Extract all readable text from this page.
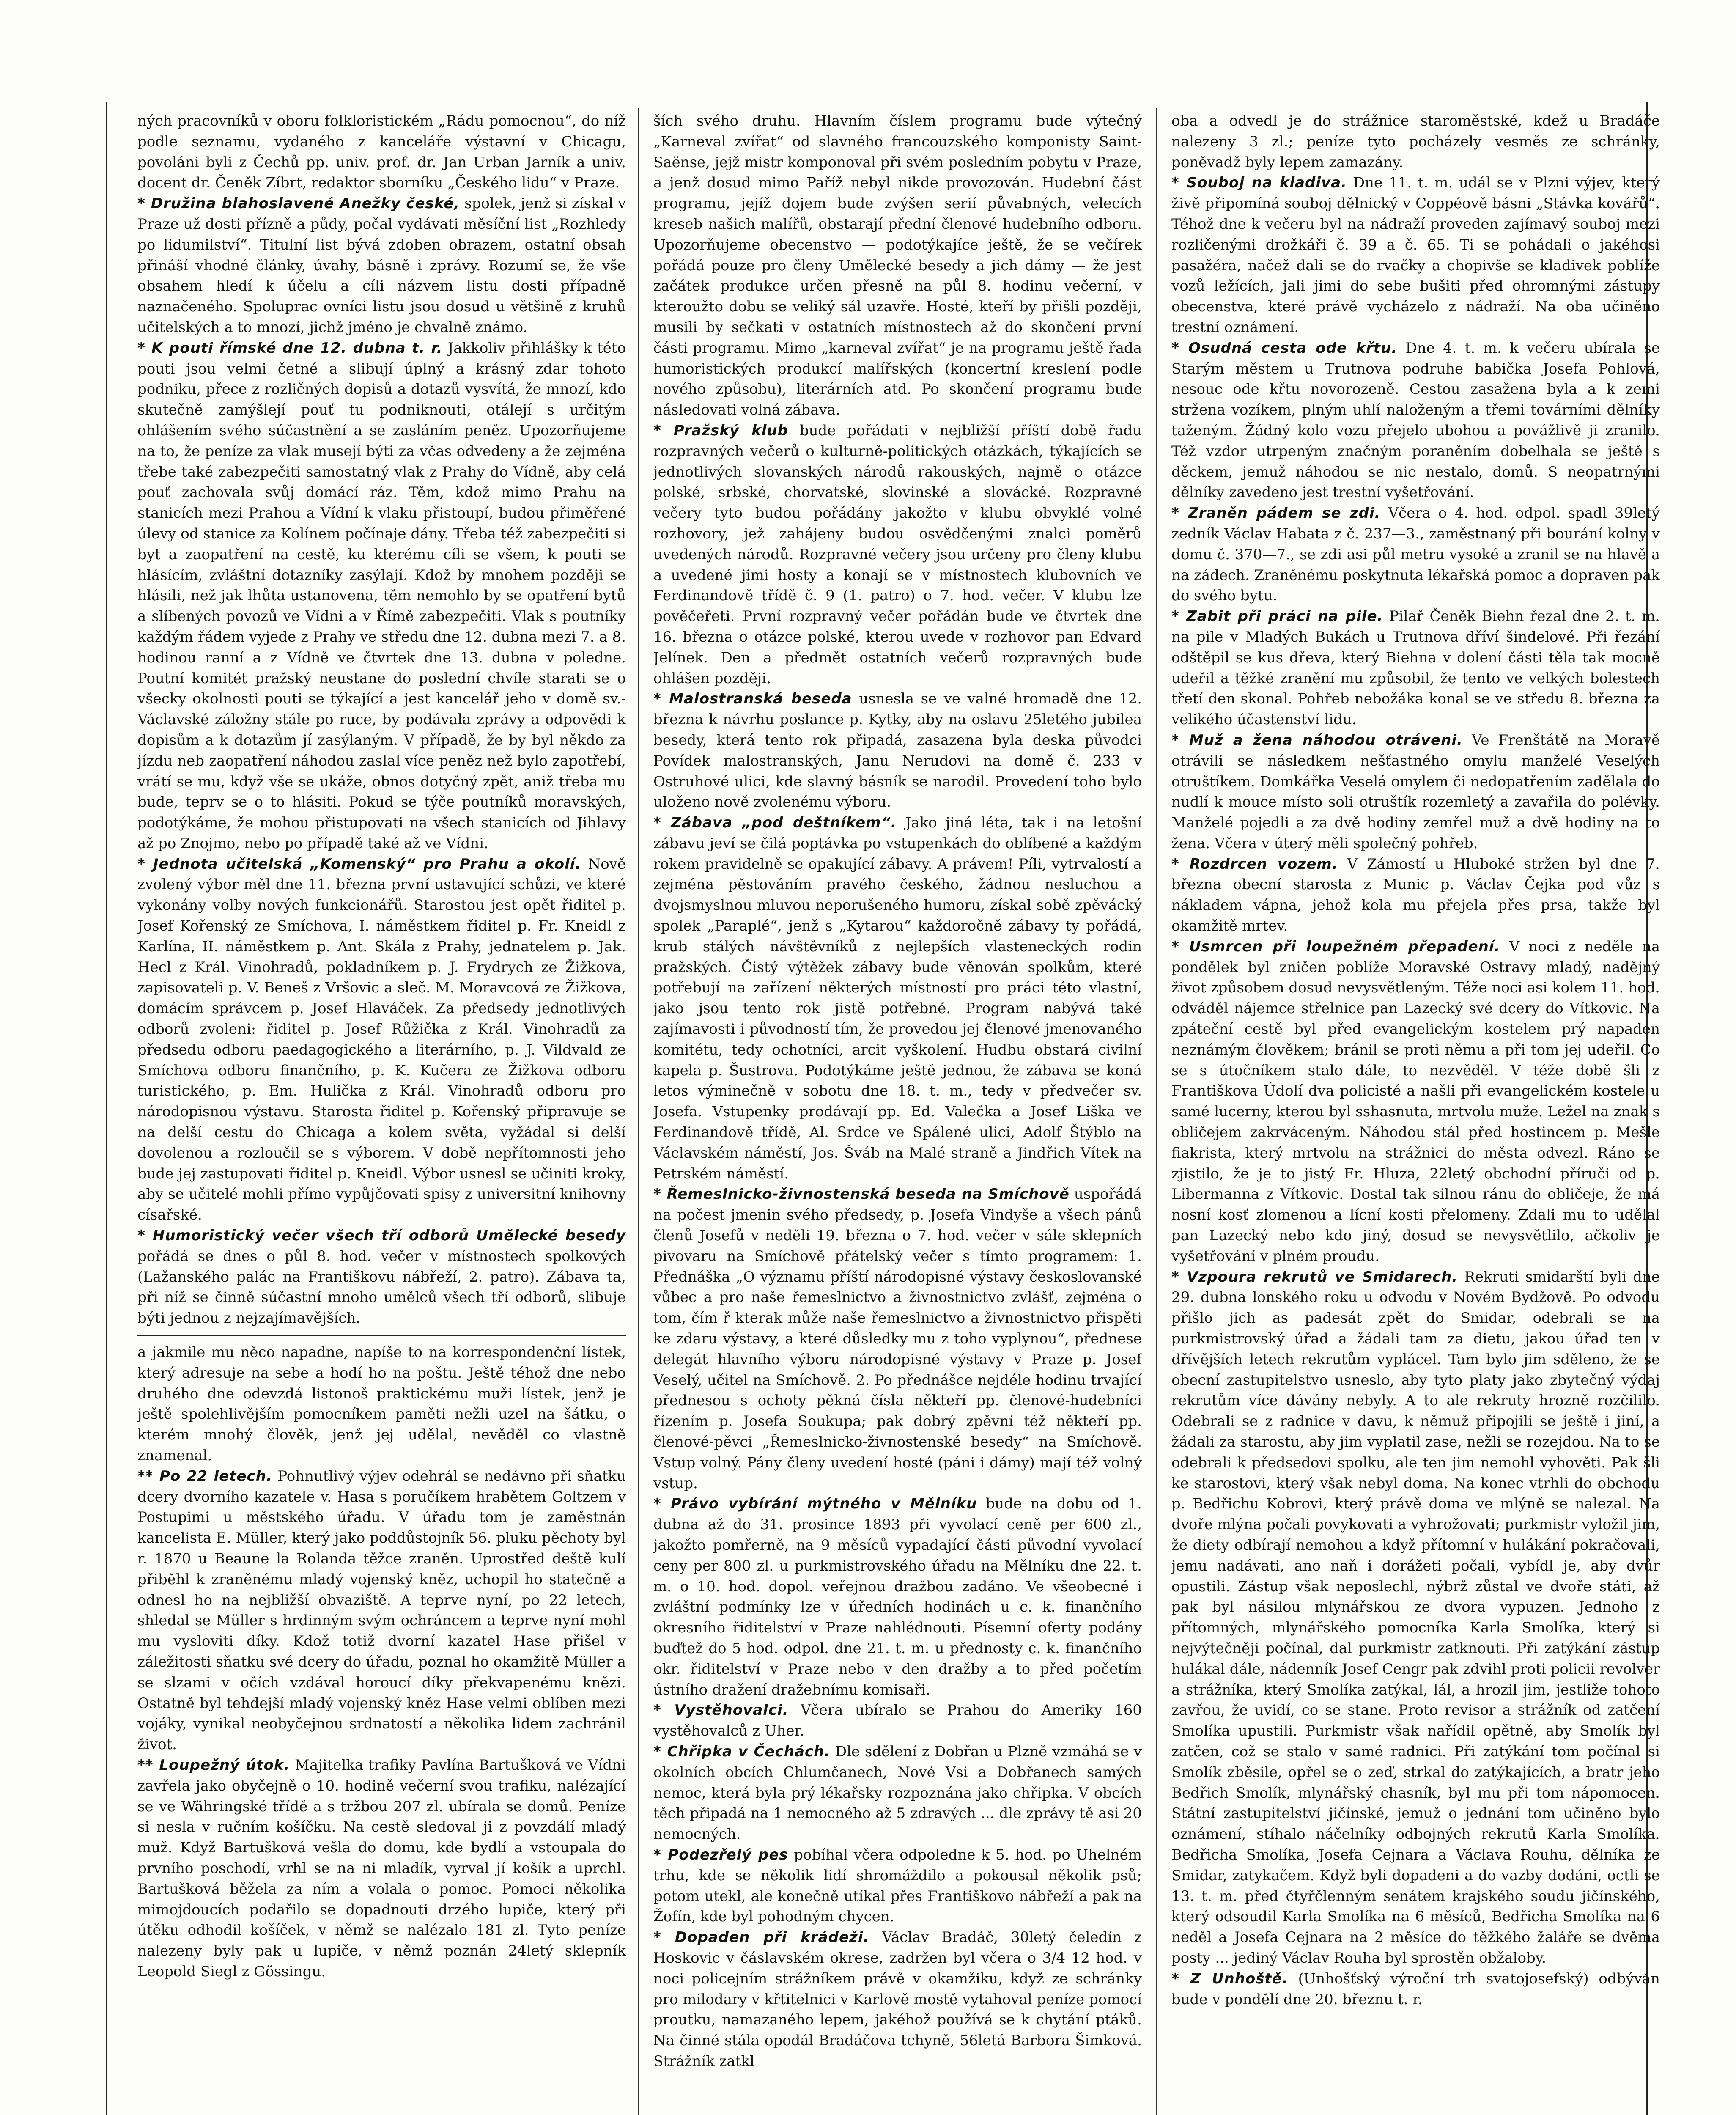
ných pracovníků v oboru folkloristickém „Rádu pomocnou“, do níž podle seznamu, vydaného z kanceláře výstavní v Chicagu, povoláni byli z Čechů pp. univ. prof. dr. Jan Urban Jarník a univ. docent dr. Čeněk Zíbrt, redaktor sborníku „Českého lidu“ v Praze.

* Družina blahoslavené Anežky české, spolek, jenž si získal v Praze už dosti přízně a půdy, počal vydávati měsíční list „Rozhledy po lidumilství“. Titulní list bývá zdoben obrazem, ostatní obsah přináší vhodné články, úvahy, básně i zprávy. Rozumí se, že vše obsahem hledí k účelu a cíli názvem listu dosti případně naznačeného. Spoluprac ovníci listu jsou dosud u většině z kruhů učitelských a to mnozí, jichž jméno je chvalně známo.

* K pouti římské dne 12. dubna t. r. Jakkoliv přihlášky k této pouti jsou velmi četné a slibují úplný a krásný zdar tohoto podniku, přece z rozličných dopisů a dotazů vysvítá, že mnozí, kdo skutečně zamýšlejí pouť tu podniknouti, otálejí s určitým ohlášením svého súčastnění a se zasláním peněz. Upozorňujeme na to, že peníze za vlak musejí býti za včas odvedeny a že zejména třebe také zabezpečiti samostatný vlak z Prahy do Vídně, aby celá pouť zachovala svůj domácí ráz. Těm, kdož mimo Prahu na stanicích mezi Prahou a Vídní k vlaku přistoupí, budou přiměřené úlevy od stanice za Kolínem počínaje dány. Třeba též zabezpečiti si byt a zaopatření na cestě, ku kterému cíli se všem, k pouti se hlásícím, zvláštní dotazníky zasýlají. Kdož by mnohem později se hlásili, než jak lhůta ustanovena, těm nemohlo by se opatření bytů a slíbených povozů ve Vídni a v Římě zabezpečiti. Vlak s poutníky každým řádem vyjede z Prahy ve středu dne 12. dubna mezi 7. a 8. hodinou ranní a z Vídně ve čtvrtek dne 13. dubna v poledne. Poutní komitét pražský neustane do poslední chvíle starati se o všecky okolnosti pouti se týkající a jest kancelář jeho v domě sv.-Václavské záložny stále po ruce, by podávala zprávy a odpovědi k dopisům a k dotazům jí zasýlaným. V případě, že by byl někdo za jízdu neb zaopatření náhodou zaslal více peněz než bylo zapotřebí, vrátí se mu, když vše se ukáže, obnos dotyčný zpět, aniž třeba mu bude, teprv se o to hlásiti. Pokud se týče poutníků moravských, podotýkáme, že mohou přistupovati na všech stanicích od Jihlavy až po Znojmo, nebo po případě také až ve Vídni.

* Jednota učitelská „Komenský“ pro Prahu a okolí. Nově zvolený výbor měl dne 11. března první ustavující schůzi, ve které vykonány volby nových funkcionářů. Starostou jest opět řiditel p. Josef Kořenský ze Smíchova, I. náměstkem řiditel p. Fr. Kneidl z Karlína, II. náměstkem p. Ant. Skála z Prahy, jednatelem p. Jak. Hecl z Král. Vinohradů, pokladníkem p. J. Frydrych ze Žižkova, zapisovateli p. V. Beneš z Vršovic a sleč. M. Moravcová ze Žižkova, domácím správcem p. Josef Hlaváček. Za předsedy jednotlivých odborů zvoleni: řiditel p. Josef Růžička z Král. Vinohradů za předsedu odboru paedagogického a literárního, p. J. Vildvald ze Smíchova odboru finančního, p. K. Kučera ze Žižkova odboru turistického, p. Em. Hulička z Král. Vinohradů odboru pro národopisnou výstavu. Starosta řiditel p. Kořenský připravuje se na delší cestu do Chicaga a kolem světa, vyžádal si delší dovolenou a rozloučil se s výborem. V době nepřítomnosti jeho bude jej zastupovati řiditel p. Kneidl. Výbor usnesl se učiniti kroky, aby se učitelé mohli přímo vypůjčovati spisy z universitní knihovny císařské.

* Humoristický večer všech tří odborů Umělecké besedy pořádá se dnes o půl 8. hod. večer v místnostech spolkových (Lažanského palác na Františkovu nábřeží, 2. patro). Zábava ta, při níž se činně súčastní mnoho umělců všech tří odborů, slibuje býti jednou z nejzajímavějších.

a jakmile mu něco napadne, napíše to na korrespondenční lístek, který adresuje na sebe a hodí ho na poštu. Ještě téhož dne nebo druhého dne odevzdá listonoš praktickému muži lístek, jenž je ještě spolehlivějším pomocníkem paměti nežli uzel na šátku, o kterém mnohý člověk, jenž jej udělal, nevěděl co vlastně znamenal.

** Po 22 letech. Pohnutlivý výjev odehrál se nedávno při sňatku dcery dvorního kazatele v. Hasa s poručíkem hrabětem Goltzem v Postupimi u městského úřadu. V úřadu tom je zaměstnán kancelista E. Müller, který jako poddůstojník 56. pluku pěchoty byl r. 1870 u Beaune la Rolanda těžce zraněn. Uprostřed deště kulí přiběhl k zraněnému mladý vojenský kněz, uchopil ho statečně a odnesl ho na nejbližší obvaziště. A teprve nyní, po 22 letech, shledal se Müller s hrdinným svým ochráncem a teprve nyní mohl mu vysloviti díky. Kdož totiž dvorní kazatel Hase přišel v záležitosti sňatku své dcery do úřadu, poznal ho okamžitě Müller a se slzami v očích vzdával horoucí díky překvapenému knězi. Ostatně byl tehdejší mladý vojenský kněz Hase velmi oblíben mezi vojáky, vynikal neobyčejnou srdnatostí a několika lidem zachránil život.

** Loupežný útok. Majitelka trafiky Pavlína Bartušková ve Vídni zavřela jako obyčejně o 10. hodině večerní svou trafiku, nalézající se ve Währingské třídě a s tržbou 207 zl. ubírala se domů. Peníze si nesla v ručním košíčku. Na cestě sledoval ji z povzdálí mladý muž. Když Bartušková vešla do domu, kde bydlí a vstoupala do prvního poschodí, vrhl se na ni mladík, vyrval jí košík a uprchl. Bartušková běžela za ním a volala o pomoc. Pomoci několika mimojdoucích podařilo se dopadnouti drzého lupiče, který při útěku odhodil košíček, v němž se nalézalo 181 zl. Tyto peníze nalezeny byly pak u lupiče, v němž poznán 24letý sklepník Leopold Siegl z Gössingu.

ších svého druhu. Hlavním číslem programu bude výtečný „Karneval zvířat“ od slavného francouzského komponisty Saint-Saënse, jejž mistr komponoval při svém posledním pobytu v Praze, a jenž dosud mimo Paříž nebyl nikde provozován. Hudební část programu, jejíž dojem bude zvýšen serií půvabných, velecích kreseb našich malířů, obstarají přední členové hudebního odboru. Upozorňujeme obecenstvo — podotýkajíce ještě, že se večírek pořádá pouze pro členy Umělecké besedy a jich dámy — že jest začátek produkce určen přesně na půl 8. hodinu večerní, v kteroužto dobu se veliký sál uzavře. Hosté, kteří by přišli později, musili by sečkati v ostatních místnostech až do skončení první části programu. Mimo „karneval zvířat“ je na programu ještě řada humoristických produkcí malířských (koncertní kreslení podle nového způsobu), literárních atd. Po skončení programu bude následovati volná zábava.

* Pražský klub bude pořádati v nejbližší příští době řadu rozpravných večerů o kulturně-politických otázkách, týkajících se jednotlivých slovanských národů rakouských, najmě o otázce polské, srbské, chorvatské, slovinské a slovácké. Rozpravné večery tyto budou pořádány jakožto v klubu obvyklé volné rozhovory, jež zahájeny budou osvědčenými znalci poměrů uvedených národů. Rozpravné večery jsou určeny pro členy klubu a uvedené jimi hosty a konají se v místnostech klubovních ve Ferdinandově třídě č. 9 (1. patro) o 7. hod. večer. V klubu lze pověčeřeti. První rozpravný večer pořádán bude ve čtvrtek dne 16. března o otázce polské, kterou uvede v rozhovor pan Edvard Jelínek. Den a předmět ostatních večerů rozpravných bude ohlášen později.

* Malostranská beseda usnesla se ve valné hromadě dne 12. března k návrhu poslance p. Kytky, aby na oslavu 25letého jubilea besedy, která tento rok připadá, zasazena byla deska původci Povídek malostranských, Janu Nerudovi na domě č. 233 v Ostruhové ulici, kde slavný básník se narodil. Provedení toho bylo uloženo nově zvolenému výboru.

* Zábava „pod deštníkem“. Jako jiná léta, tak i na letošní zábavu jeví se čilá poptávka po vstupenkách do oblíbené a každým rokem pravidelně se opakující zábavy. A právem! Píli, vytrvalostí a zejména pěstováním pravého českého, žádnou nesluchou a dvojsmyslnou mluvou neporušeného humoru, získal sobě zpěvácký spolek „Paraplé“, jenž s „Kytarou“ každoročně zábavy ty pořádá, krub stálých návštěvníků z nejlepších vlasteneckých rodin pražských. Čistý výtěžek zábavy bude věnován spolkům, které potřebují na zařízení některých místností pro práci této vlastní, jako jsou tento rok jistě potřebné. Program nabývá také zajímavosti i původností tím, že provedou jej členové jmenovaného komitétu, tedy ochotníci, arcit vyškolení. Hudbu obstará civilní kapela p. Šustrova. Podotýkáme ještě jednou, že zábava se koná letos výminečně v sobotu dne 18. t. m., tedy v předvečer sv. Josefa. Vstupenky prodávají pp. Ed. Valečka a Josef Liška ve Ferdinandově třídě, Al. Srdce ve Spálené ulici, Adolf Štýblo na Václavském náměstí, Jos. Šváb na Malé straně a Jindřich Vítek na Petrském náměstí.

* Řemeslnicko-živnostenská beseda na Smíchově uspořádá na počest jmenin svého předsedy, p. Josefa Vindyše a všech pánů členů Josefů v neděli 19. března o 7. hod. večer v sále sklepních pivovaru na Smíchově přátelský večer s tímto programem: 1. Přednáška „O významu příští národopisné výstavy českoslovanské vůbec a pro naše řemeslnictvo a živnostnictvo zvlášť, zejména o tom, čím ř kterak může naše řemeslnictvo a živnostnictvo přispěti ke zdaru výstavy, a které důsledky mu z toho vyplynou“, přednese delegát hlavního výboru národopisné výstavy v Praze p. Josef Veselý, učitel na Smíchově. 2. Po přednášce nejdéle hodinu trvající přednesou s ochoty pěkná čísla někteří pp. členové-hudebníci řízením p. Josefa Soukupa; pak dobrý zpěvní též někteří pp. členové-pěvci „Řemeslnicko-živnostenské besedy“ na Smíchově. Vstup volný. Pány členy uvedení hosté (páni i dámy) mají též volný vstup.

* Právo vybírání mýtného v Mělníku bude na dobu od 1. dubna až do 31. prosince 1893 při vyvolací ceně per 600 zl., jakožto pomřerně, na 9 měsíců vypadající části původní vyvolací ceny per 800 zl. u purkmistrovského úřadu na Mělníku dne 22. t. m. o 10. hod. dopol. veřejnou dražbou zadáno. Ve všeobecné i zvláštní podmínky lze v úředních hodinách u c. k. finančního okresního řiditelství v Praze nahlédnouti. Písemní oferty podány buďtež do 5 hod. odpol. dne 21. t. m. u přednosty c. k. finančního okr. řiditelství v Praze nebo v den dražby a to před početím ústního dražení dražebnímu komisaři.

* Vystěhovalci. Včera ubíralo se Prahou do Ameriky 160 vystěhovalců z Uher.

* Chřipka v Čechách. Dle sdělení z Dobřan u Plzně vzmáhá se v okolních obcích Chlumčanech, Nové Vsi a Dobřanech samých nemoc, která byla prý lékařsky rozpoznána jako chřipka. V obcích těch připadá na 1 nemocného až 5 zdravých ... dle zprávy tě asi 20 nemocných.

* Podezřelý pes pobíhal včera odpoledne k 5. hod. po Uhelném trhu, kde se několik lidí shromáždilo a pokousal několik psů; potom utekl, ale konečně utíkal přes Františkovo nábřeží a pak na Žofín, kde byl pohodným chycen.

* Dopaden při krádeži. Václav Bradáč, 30letý čeledín z Hoskovic v čáslavském okrese, zadržen byl včera o 3/4 12 hod. v noci policejním strážníkem právě v okamžiku, když ze schránky pro milodary v křtitelnici v Karlově mostě vytahoval peníze pomocí proutku, namazaného lepem, jakéhož používá se k chytání ptáků. Na činné stála opodál Bradáčova tchyně, 56letá Barbora Šimková. Strážník zatkl

oba a odvedl je do strážnice staroměstské, kdež u Bradáče nalezeny 3 zl.; peníze tyto pocházely vesměs ze schránky, poněvadž byly lepem zamazány.

* Souboj na kladiva. Dne 11. t. m. udál se v Plzni výjev, který živě připomíná souboj dělnický v Coppéově básni „Stávka kovářů“. Téhož dne k večeru byl na nádraží proveden zajímavý souboj mezi rozličenými drožkáři č. 39 a č. 65. Ti se pohádali o jakéhosi pasažéra, načež dali se do rvačky a chopivše se kladivek poblíže vozů ležících, jali jimi do sebe bušiti před ohromnými zástupy obecenstva, které právě vycházelo z nádraží. Na oba učiněno trestní oznámení.

* Osudná cesta ode křtu. Dne 4. t. m. k večeru ubírala se Starým městem u Trutnova podruhe babička Josefa Pohlová, nesouc ode křtu novorozeně. Cestou zasažena byla a k zemi stržena vozíkem, plným uhlí naloženým a třemi továrními dělníky taženým. Žádný kolo vozu přejelo ubohou a povážlivě ji zranilo. Též vzdor utrpeným značným poraněním dobelhala se ještě s děckem, jemuž náhodou se nic nestalo, domů. S neopatrnými dělníky zavedeno jest trestní vyšetřování.

* Zraněn pádem se zdi. Včera o 4. hod. odpol. spadl 39letý zedník Václav Habata z č. 237—3., zaměstnaný při bourání kolny v domu č. 370—7., se zdi asi půl metru vysoké a zranil se na hlavě a na zádech. Zraněnému poskytnuta lékařská pomoc a dopraven pak do svého bytu.

* Zabit při práci na pile. Pilař Čeněk Biehn řezal dne 2. t. m. na pile v Mladých Bukách u Trutnova dříví šindelové. Při řezání odštěpil se kus dřeva, který Biehna v dolení části těla tak mocně udeřil a těžké zranění mu způsobil, že tento ve velkých bolestech třetí den skonal. Pohřeb nebožáka konal se ve středu 8. března za velikého účastenství lidu.

* Muž a žena náhodou otráveni. Ve Frenštátě na Moravě otrávili se následkem nešťastného omylu manželé Veselých otruštíkem. Domkářka Veselá omylem či nedopatřením zadělala do nudlí k mouce místo soli otruštík rozemletý a zavařila do polévky. Manželé pojedli a za dvě hodiny zemřel muž a dvě hodiny na to žena. Včera v úterý měli společný pohřeb.

* Rozdrcen vozem. V Zámostí u Hluboké stržen byl dne 7. března obecní starosta z Munic p. Václav Čejka pod vůz s nákladem vápna, jehož kola mu přejela přes prsa, takže byl okamžitě mrtev.

* Usmrcen při loupežném přepadení. V noci z neděle na pondělek byl zničen poblíže Moravské Ostravy mladý, nadějný život způsobem dosud nevysvětleným. Téže noci asi kolem 11. hod. odváděl nájemce střelnice pan Lazecký své dcery do Vítkovic. Na zpáteční cestě byl před evangelickým kostelem prý napaden neznámým člověkem; bránil se proti němu a při tom jej udeřil. Co se s útočníkem stalo dále, to nezvěděl. V téže době šli z Františkova Údolí dva policisté a našli při evangelickém kostele u samé lucerny, kterou byl sshasnuta, mrtvolu muže. Ležel na znak s obličejem zakrváceným. Náhodou stál před hostincem p. Mešle fiakrista, který mrtvolu na strážnici do města odvezl. Ráno se zjistilo, že je to jistý Fr. Hluza, 22letý obchodní příruči od p. Libermanna z Vítkovic. Dostal tak silnou ránu do obličeje, že má nosní kosť zlomenou a lícní kosti přelomeny. Zdali mu to udělal pan Lazecký nebo kdo jiný, dosud se nevysvětlilo, ačkoliv je vyšetřování v plném proudu.

* Vzpoura rekrutů ve Smidarech. Rekruti smidarští byli dne 29. dubna lonského roku u odvodu v Novém Bydžově. Po odvodu přišlo jich as padesát zpět do Smidar, odebrali se na purkmistrovský úřad a žádali tam za dietu, jakou úřad ten v dřívějších letech rekrutům vyplácel. Tam bylo jim sděleno, že se obecní zastupitelstvo usneslo, aby tyto platy jako zbytečný výdaj rekrutům více dávány nebyly. A to ale rekruty hrozně rozčililo. Odebrali se z radnice v davu, k němuž připojili se ještě i jiní, a žádali za starostu, aby jim vyplatil zase, nežli se rozejdou. Na to se odebrali k předsedovi spolku, ale ten jim nemohl vyhověti. Pak šli ke starostovi, který však nebyl doma. Na konec vtrhli do obchodu p. Bedřichu Kobrovi, který právě doma ve mlýně se nalezal. Na dvoře mlýna počali povykovati a vyhrožovati; purkmistr vyložil jim, že diety odbírají nemohou a když přítomní v hulákání pokračovali, jemu nadávati, ano naň i dorážeti počali, vybídl je, aby dvůr opustili. Zástup však neposlechl, nýbrž zůstal ve dvoře státi, až pak byl násilou mlynářskou ze dvora vypuzen. Jednoho z přítomných, mlynářského pomocníka Karla Smolíka, který si nejvýtečněji počínal, dal purkmistr zatknouti. Při zatýkání zástup hulákal dále, nádenník Josef Cengr pak zdvihl proti policii revolver a strážníka, který Smolíka zatýkal, lál, a hrozil jim, jestliže tohoto zavřou, že uvidí, co se stane. Proto revisor a strážník od zatčení Smolíka upustili. Purkmistr však nařídil opětně, aby Smolík byl zatčen, což se stalo v samé radnici. Při zatýkání tom počínal si Smolík zběsile, opřel se o zeď, strkal do zatýkajících, a bratr jeho Bedřich Smolík, mlynářský chasník, byl mu při tom nápomocen. Státní zastupitelství jičínské, jemuž o jednání tom učiněno bylo oznámení, stíhalo náčelníky odbojných rekrutů Karla Smolíka. Bedřicha Smolíka, Josefa Cejnara a Václava Rouhu, dělníka ze Smidar, zatykačem. Když byli dopadeni a do vazby dodáni, octli se 13. t. m. před čtyřčlenným senátem krajského soudu jičínského, který odsoudil Karla Smolíka na 6 měsíců, Bedřicha Smolíka na 6 neděl a Josefa Cejnara na 2 měsíce do těžkého žaláře se dvěma posty ... jediný Václav Rouha byl sprostěn obžaloby.

* Z Unhoště. (Unhošťský výroční trh svatojosefský) odbýván bude v pondělí dne 20. březnu t. r.
